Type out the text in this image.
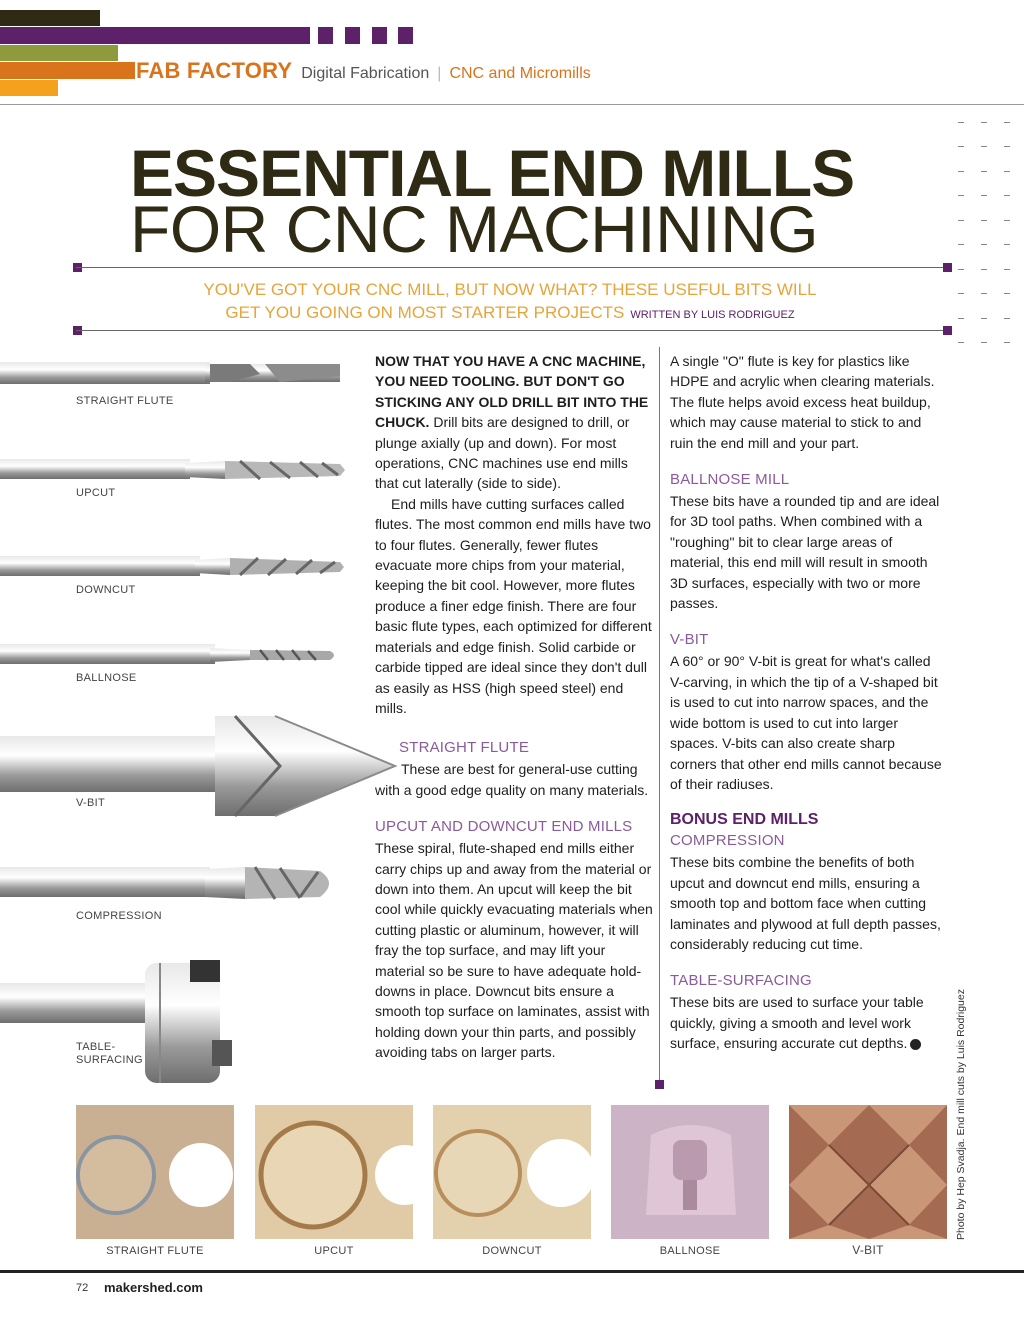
FAB FACTORY Digital Fabrication | CNC and Micromills
ESSENTIAL END MILLS
FOR CNC MACHINING
YOU'VE GOT YOUR CNC MILL, BUT NOW WHAT? THESE USEFUL BITS WILL
GET YOU GOING ON MOST STARTER PROJECTS WRITTEN BY LUIS RODRIGUEZ
STRAIGHT FLUTE
UPCUT
DOWNCUT
BALLNOSE
V-BIT
COMPRESSION
TABLE-
SURFACING

NOW THAT YOU HAVE A CNC MACHINE, YOU NEED TOOLING. BUT DON'T GO STICKING ANY OLD DRILL BIT INTO THE CHUCK. Drill bits are designed to drill, or plunge axially (up and down). For most operations, CNC machines use end mills that cut laterally (side to side).

End mills have cutting surfaces called flutes. The most common end mills have two to four flutes. Generally, fewer flutes evacuate more chips from your material, keeping the bit cool. However, more flutes produce a finer edge finish. There are four basic flute types, each optimized for different materials and edge finish. Solid carbide or carbide tipped are ideal since they don't dull as easily as HSS (high speed steel) end mills.

STRAIGHT FLUTE

These are best for general-use cutting with a good edge quality on many materials.

UPCUT AND DOWNCUT END MILLS

These spiral, flute-shaped end mills either carry chips up and away from the material or down into them. An upcut will keep the bit cool while quickly evacuating materials when cutting plastic or aluminum, however, it will fray the top surface, and may lift your material so be sure to have adequate hold-downs in place. Downcut bits ensure a smooth top surface on laminates, assist with holding down your thin parts, and possibly avoiding tabs on larger parts.

A single "O" flute is key for plastics like HDPE and acrylic when clearing materials. The flute helps avoid excess heat buildup, which may cause material to stick to and ruin the end mill and your part.

BALLNOSE MILL

These bits have a rounded tip and are ideal for 3D tool paths. When combined with a "roughing" bit to clear large areas of material, this end mill will result in smooth 3D surfaces, especially with two or more passes.

V-BIT

A 60° or 90° V-bit is great for what's called V-carving, in which the tip of a V-shaped bit is used to cut into narrow spaces, and the wide bottom is used to cut into larger spaces. V-bits can also create sharp corners that other end mills cannot because of their radiuses.

BONUS END MILLS
COMPRESSION

These bits combine the benefits of both upcut and downcut end mills, ensuring a smooth top and bottom face when cutting laminates and plywood at full depth passes, considerably reducing cut time.

TABLE-SURFACING

These bits are used to surface your table quickly, giving a smooth and level work surface, ensuring accurate cut depths.	Photo by Hep Svadja. End mill cuts by Luis Rodriguez
STRAIGHT FLUTE	UPCUT	DOWNCUT	BALLNOSE	V-BIT
72 makershed.com
